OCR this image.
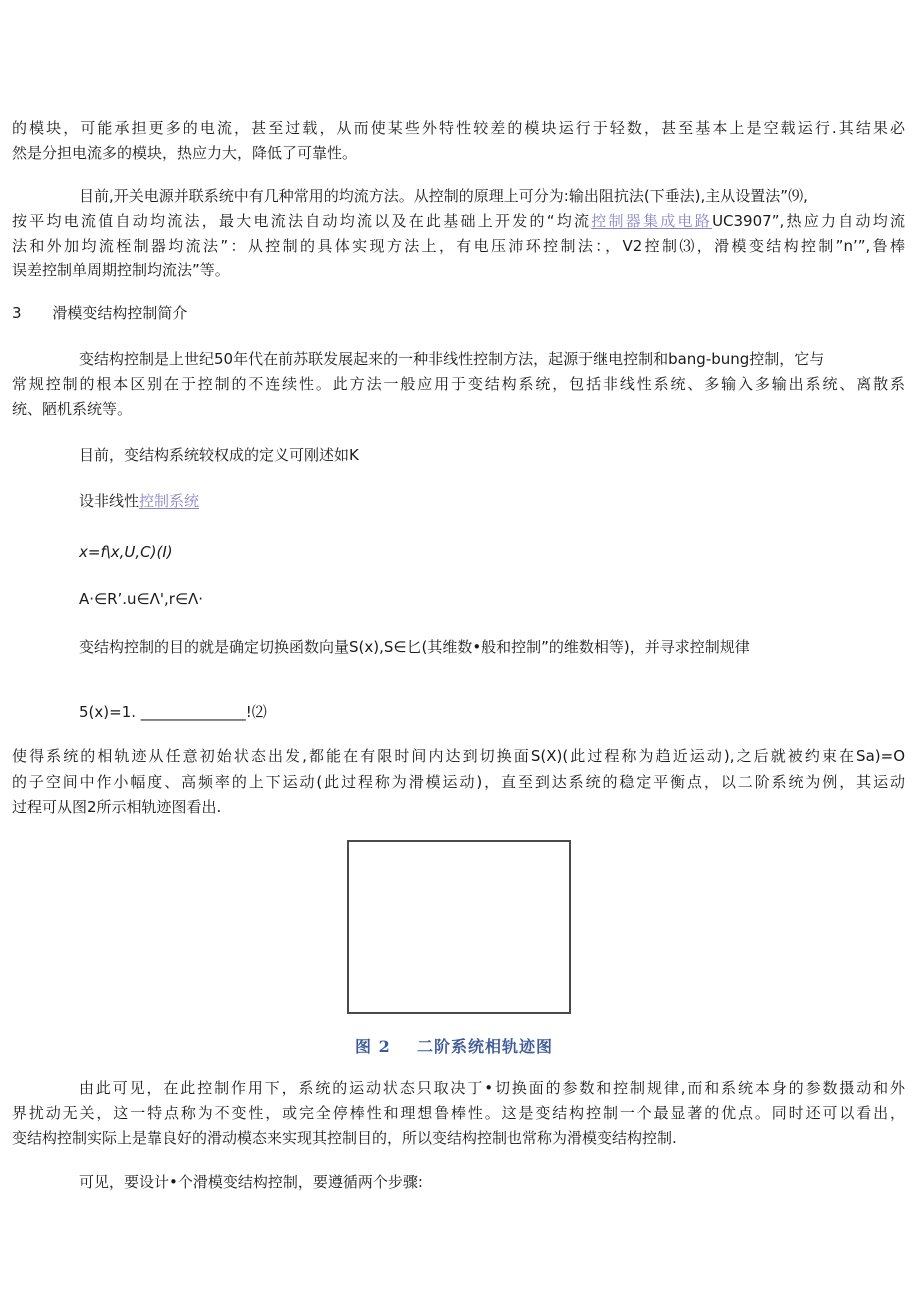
的模块，可能承担更多的电流，甚至过载，从而使某些外特性较差的模块运行于轻数，甚至基本上是空载运行.其结果必
然是分担电流多的模块，热应力大，降低了可靠性。
目前,开关电源并联系统中有几种常用的均流方法。从控制的原理上可分为:输出阻抗法(下垂法),主从设置法”⑼,
按平均电流值自动均流法，最大电流法自动均流以及在此基础上开发的“均流控制器集成电路UC3907”,热应力自动均流
法和外加均流桎制器均流法”：从控制的具体实现方法上，有电压沛环控制法：，V2控制⑶，滑模变结构控制”n’”,鲁棒
误差控制单周期控制均流法”等。
3 滑模变结构控制简介
变结构控制是上世纪50年代在前苏联发展起来的一种非线性控制方法，起源于继电控制和bang-bung控制，它与
常规控制的根本区别在于控制的不连续性。此方法一般应用于变结构系统，包括非线性系统、多输入多输出系统、离散系
统、陋机系统等。
目前，变结构系统较权成的定义可刚述如K
设非线性控制系统
x=f\x,U,C)(I)
A·∈R’.u∈Λ',r∈Λ·
变结构控制的目的就是确定切换函数向量S(x),S∈匕(其维数•般和控制”的维数相等)，并寻求控制规律
5(x)=1. ______________!⑵
使得系统的相轨迹从任意初始状态出发,都能在有限时间内达到切换面S(X)(此过程称为趋近运动),之后就被约束在Sa)=O
的子空间中作小幅度、高频率的上下运动(此过程称为滑模运动)，直至到达系统的稳定平衡点，以二阶系统为例，其运动
过程可从图2所示相轨迹图看出.
图 2    二阶系统相轨迹图
由此可见，在此控制作用下，系统的运动状态只取决丁•切换面的参数和控制规律,而和系统本身的参数摄动和外
界扰动无关，这一特点称为不变性，或完全停棒性和理想鲁棒性。这是变结构控制一个最显著的优点。同时还可以看出，
变结构控制实际上是靠良好的滑动模态来实现其控制目的，所以变结构控制也常称为滑模变结构控制.
可见，要设计•个滑模变结构控制，要遵循两个步骤:
